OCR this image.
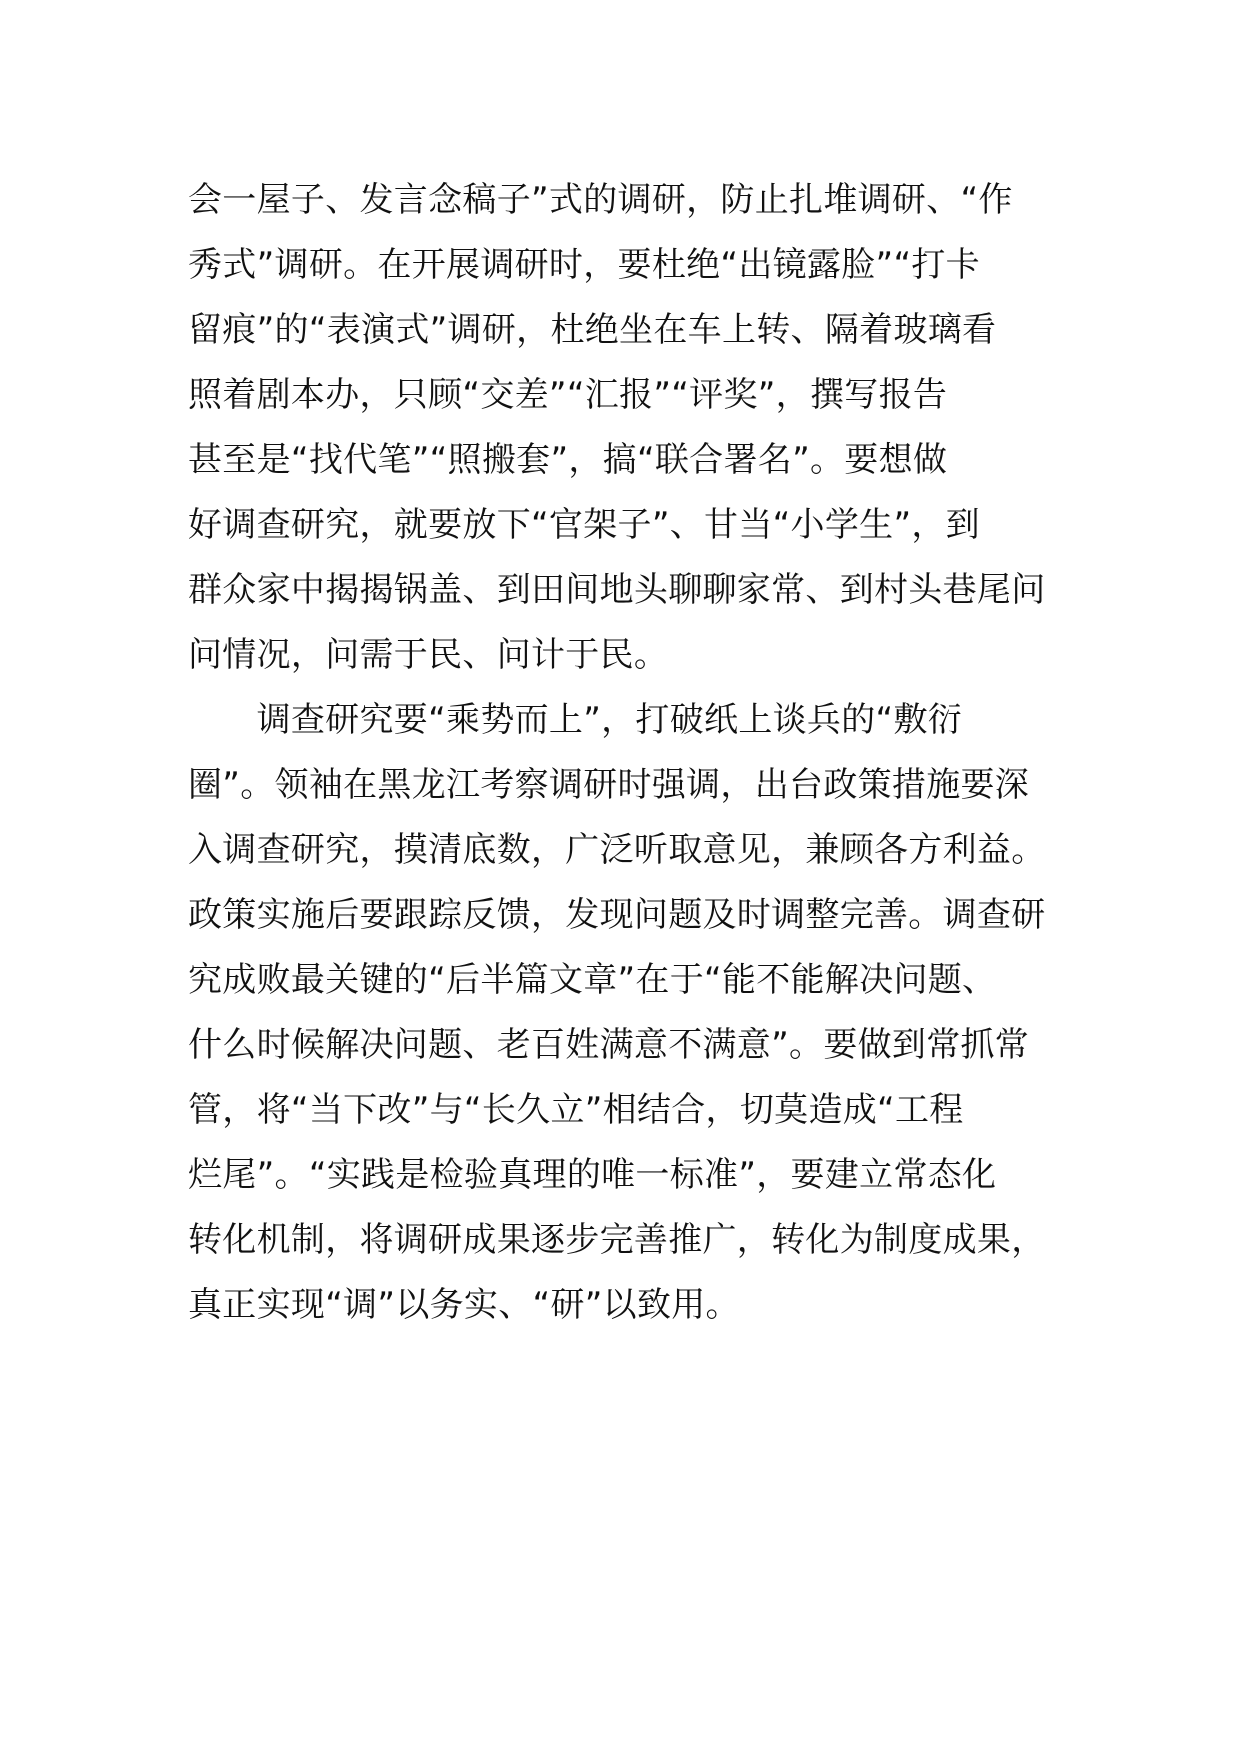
会一屋子、发言念稿子”式的调研，防止扎堆调研、“作
秀式”调研。在开展调研时，要杜绝“出镜露脸”“打卡
留痕”的“表演式”调研，杜绝坐在车上转、隔着玻璃看
照着剧本办，只顾“交差”“汇报”“评奖”，撰写报告
甚至是“找代笔”“照搬套”，搞“联合署名”。要想做
好调查研究，就要放下“官架子”、甘当“小学生”，到
群众家中揭揭锅盖、到田间地头聊聊家常、到村头巷尾问
问情况，问需于民、问计于民。
　　调查研究要“乘势而上”，打破纸上谈兵的“敷衍
圈”。领袖在黑龙江考察调研时强调，出台政策措施要深
入调查研究，摸清底数，广泛听取意见，兼顾各方利益。
政策实施后要跟踪反馈，发现问题及时调整完善。调查研
究成败最关键的“后半篇文章”在于“能不能解决问题、
什么时候解决问题、老百姓满意不满意”。要做到常抓常
管，将“当下改”与“长久立”相结合，切莫造成“工程
烂尾”。“实践是检验真理的唯一标准”，要建立常态化
转化机制，将调研成果逐步完善推广，转化为制度成果，
真正实现“调”以务实、“研”以致用。
